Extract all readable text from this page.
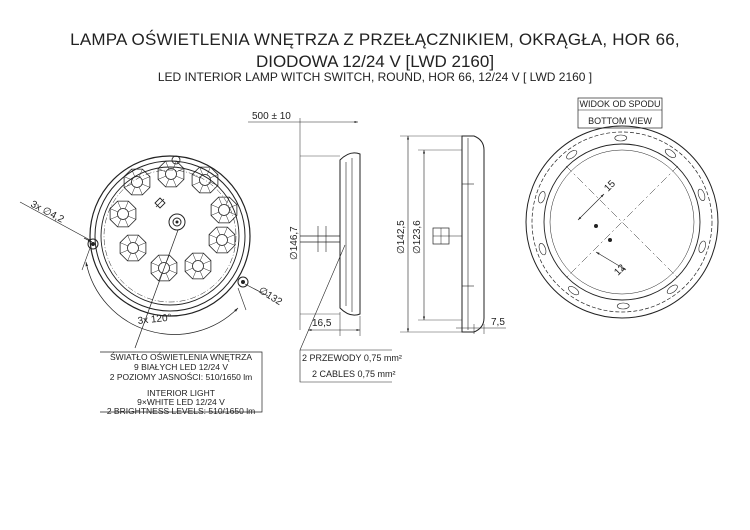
LAMPA OŚWIETLENIA WNĘTRZA Z PRZEŁĄCZNIKIEM, OKRĄGŁA, HOR 66,
DIODOWA 12/24 V [LWD 2160]
LED INTERIOR LAMP WITCH SWITCH, ROUND, HOR 66, 12/24 V [ LWD 2160 ]
3x ∅4,2
3x 120°
∅132
ŚWIATŁO OŚWIETLENIA WNĘTRZA
9 BIAŁYCH LED 12/24 V
2 POZIOMY JASNOŚCI: 510/1650 lm
INTERIOR LIGHT
9×WHITE LED 12/24 V
2 BRIGHTNESS LEVELS: 510/1650 lm
500 ± 10
∅146,7
16,5
2 PRZEWODY 0,75 mm²
2 CABLES 0,75 mm²
∅142,5 ∅123,6
7,5
WIDOK OD SPODU
BOTTOM VIEW
15
12
